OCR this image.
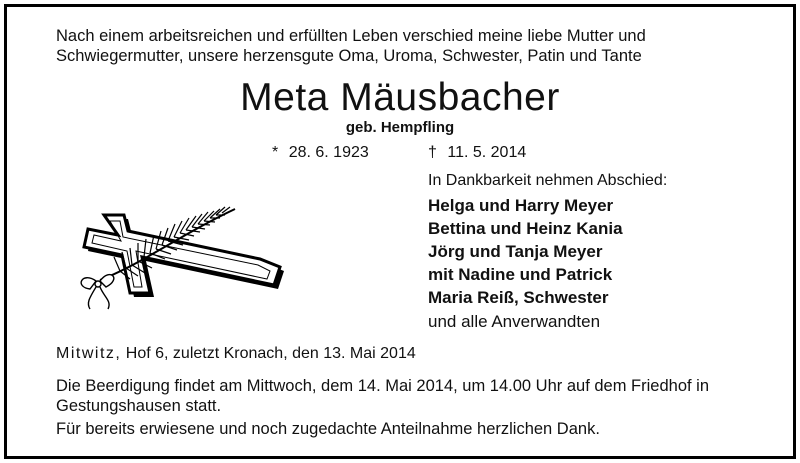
Nach einem arbeitsreichen und erfüllten Leben verschied meine liebe Mutter und
Schwiegermutter, unsere herzensgute Oma, Uroma, Schwester, Patin und Tante
Meta Mäusbacher
geb. Hempfling
* 28. 6. 1923	† 11. 5. 2014
In Dankbarkeit nehmen Abschied:
Helga und Harry Meyer
Bettina und Heinz Kania
Jörg und Tanja Meyer
mit Nadine und Patrick
Maria Reiß, Schwester
und alle Anverwandten
Mitwitz, Hof 6, zuletzt Kronach, den 13. Mai 2014
Die Beerdigung findet am Mittwoch, dem 14. Mai 2014, um 14.00 Uhr auf dem Friedhof in
Gestungshausen statt.
Für bereits erwiesene und noch zugedachte Anteilnahme herzlichen Dank.
